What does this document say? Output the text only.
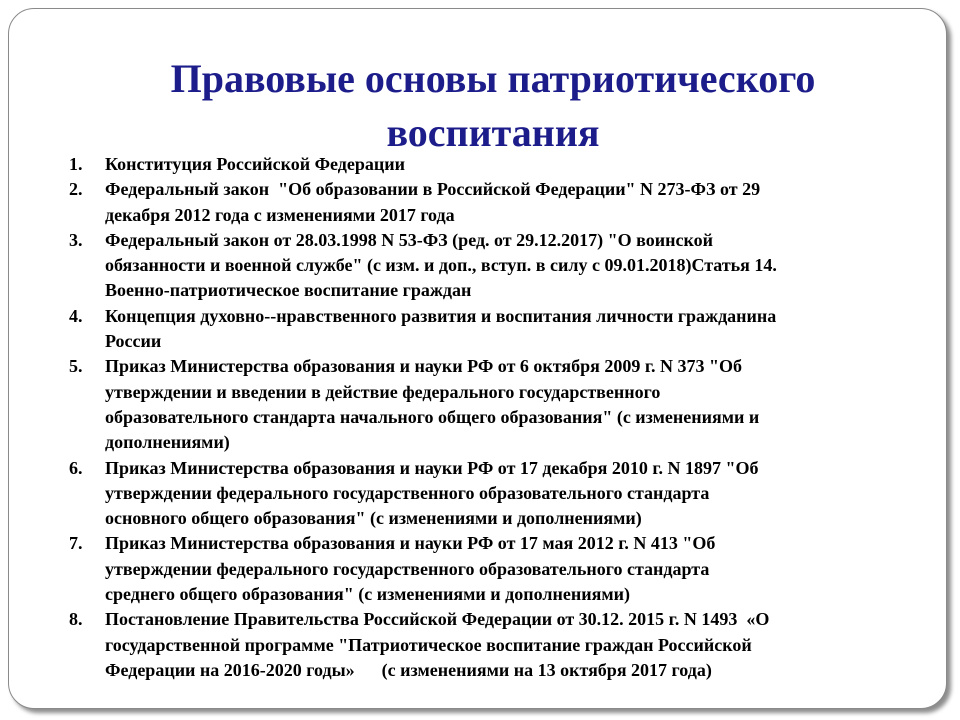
Правовые основы патриотического
воспитания
1. Конституция Российской Федерации
2. Федеральный закон  "Об образовании в Российской Федерации" N 273-ФЗ от 29
декабря 2012 года с изменениями 2017 года
3. Федеральный закон от 28.03.1998 N 53-ФЗ (ред. от 29.12.2017) "О воинской
обязанности и военной службе" (с изм. и доп., вступ. в силу с 09.01.2018)Статья 14.
Военно-патриотическое воспитание граждан
4. Концепция духовно--нравственного развития и воспитания личности гражданина
России
5. Приказ Министерства образования и науки РФ от 6 октября 2009 г. N 373 "Об
утверждении и введении в действие федерального государственного
образовательного стандарта начального общего образования" (с изменениями и
дополнениями)
6. Приказ Министерства образования и науки РФ от 17 декабря 2010 г. N 1897 "Об
утверждении федерального государственного образовательного стандарта
основного общего образования" (с изменениями и дополнениями)
7. Приказ Министерства образования и науки РФ от 17 мая 2012 г. N 413 "Об
утверждении федерального государственного образовательного стандарта
среднего общего образования" (с изменениями и дополнениями)
8. Постановление Правительства Российской Федерации от 30.12. 2015 г. N 1493  «О
государственной программе "Патриотическое воспитание граждан Российской
Федерации на 2016-2020 годы»      (с изменениями на 13 октября 2017 года)
